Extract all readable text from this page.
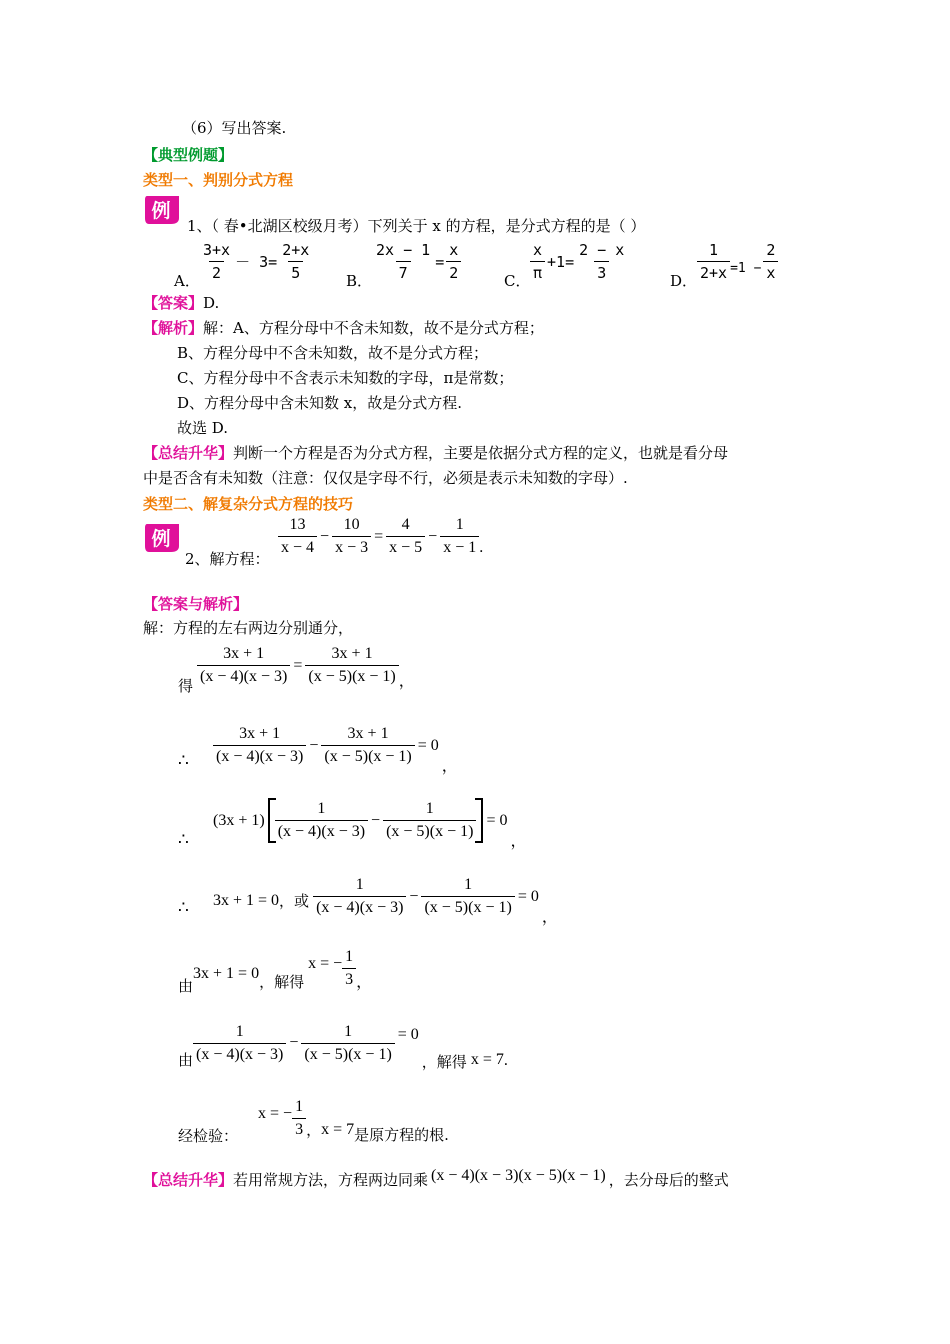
（6）写出答案.
【典型例题】
类型一、判别分式方程
例
1、（ 春•北湖区校级月考）下列关于 x 的方程，是分式方程的是（ ）
A． $\frac{3+x}{2} - 3= \frac{2+x}{5}$ B． $\frac{2x - 1}{7} = \frac{x}{2}$	C． $\frac{x}{\pi} +1= \frac{2 - x}{3}$	D． $\frac{1}{2+x} =1 - \frac{2}{x}$
【答案】D.
【解析】解：A、方程分母中不含未知数，故不是分式方程；
B、方程分母中不含未知数，故不是分式方程；
C、方程分母中不含表示未知数的字母，π是常数；
D、方程分母中含未知数 x，故是分式方程.
故选 D.
【总结升华】判断一个方程是否为分式方程，主要是依据分式方程的定义，也就是看分母
中是否含有未知数（注意：仅仅是字母不行，必须是表示未知数的字母）.
类型二、解复杂分式方程的技巧
例
2、解方程：
$\frac{13}{x - 4} - \frac{10}{x - 3} = \frac{4}{x - 5} - \frac{1}{x - 1}$ .
【答案与解析】
解：方程的左右两边分别通分，
得 $\frac{3x + 1}{(x - 4)(x - 3)} = \frac{3x + 1}{(x - 5)(x - 1)}$ ，
∴ $\frac{3x + 1}{(x - 4)(x - 3)} - \frac{3x + 1}{(x - 5)(x - 1)} = 0$
，
∴
$(3x + 1) \frac{1}{(x - 4)(x - 3)} - \frac{1}{(x - 5)(x - 1)} = 0$
，
∴ 3x + 1 = 0 ，或 $\frac{1}{(x - 4)(x - 3)} - \frac{1}{(x - 5)(x - 1)} = 0$
，
由
3x + 1 = 0 ，解得
x = − $\frac{1}{3}$ ，
由 $\frac{1}{(x - 4)(x - 3)} - \frac{1}{(x - 5)(x - 1)} = 0$
，解得 x = 7 .
经检验：
x = − $\frac{1}{3}$ ， x = 7 是原方程的根.
【总结升华】 若用常规方法，方程两边同乘 (x − 4)(x − 3)(x − 5)(x − 1) ，去分母后的整式
